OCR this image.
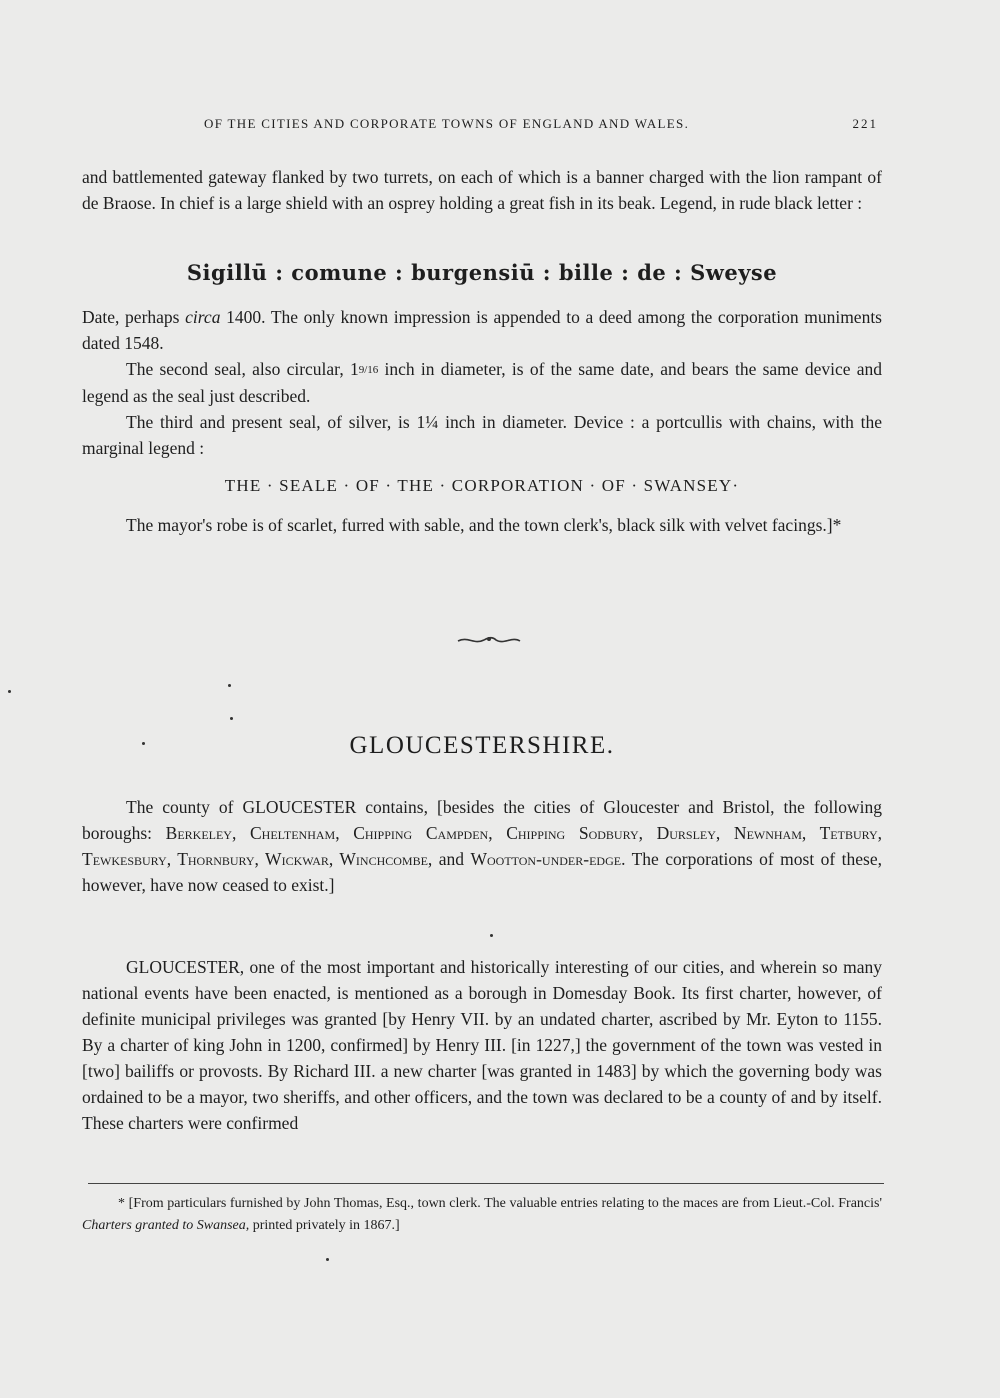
OF THE CITIES AND CORPORATE TOWNS OF ENGLAND AND WALES.	221

and battlemented gateway flanked by two turrets, on each of which is a banner charged with the lion rampant of de Braose. In chief is a large shield with an osprey holding a great fish in its beak. Legend, in rude black letter :

Sigillū : comune : burgensiū : bille : de : Sweyse

Date, perhaps circa 1400. The only known impression is appended to a deed among the corporation muniments dated 1548.

The second seal, also circular, 19/16 inch in diameter, is of the same date, and bears the same device and legend as the seal just described.

The third and present seal, of silver, is 1¼ inch in diameter. Device : a portcullis with chains, with the marginal legend :

THE · SEALE · OF · THE · CORPORATION · OF · SWANSEY·

The mayor's robe is of scarlet, furred with sable, and the town clerk's, black silk with velvet facings.]*

GLOUCESTERSHIRE.

The county of GLOUCESTER contains, [besides the cities of Gloucester and Bristol, the following boroughs: Berkeley, Cheltenham, Chipping Campden, Chipping Sodbury, Dursley, Newnham, Tetbury, Tewkesbury, Thornbury, Wickwar, Winchcombe, and Wootton-under-edge. The corporations of most of these, however, have now ceased to exist.]

GLOUCESTER, one of the most important and historically interesting of our cities, and wherein so many national events have been enacted, is mentioned as a borough in Domesday Book. Its first charter, however, of definite municipal privileges was granted [by Henry VII. by an undated charter, ascribed by Mr. Eyton to 1155. By a charter of king John in 1200, confirmed] by Henry III. [in 1227,] the government of the town was vested in [two] bailiffs or provosts. By Richard III. a new charter [was granted in 1483] by which the governing body was ordained to be a mayor, two sheriffs, and other officers, and the town was declared to be a county of and by itself. These charters were confirmed

* [From particulars furnished by John Thomas, Esq., town clerk. The valuable entries relating to the maces are from Lieut.-Col. Francis' Charters granted to Swansea, printed privately in 1867.]
